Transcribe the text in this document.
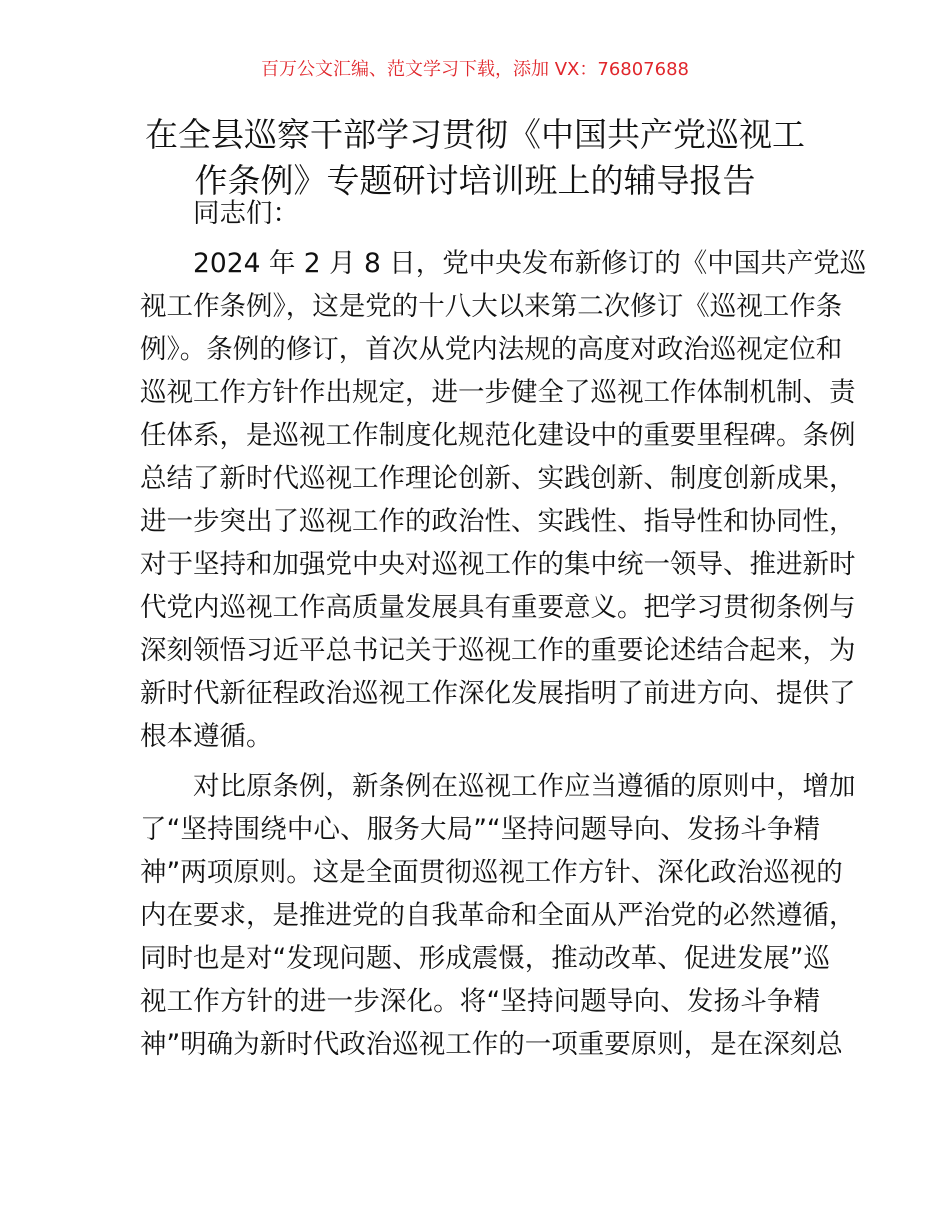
百万公文汇编、范文学习下载，添加 VX：76807688
在全县巡察干部学习贯彻《中国共产党巡视工
作条例》专题研讨培训班上的辅导报告
同志们：
2024 年 2 月 8 日，党中央发布新修订的《中国共产党巡
视工作条例》，这是党的十八大以来第二次修订《巡视工作条
例》。条例的修订，首次从党内法规的高度对政治巡视定位和
巡视工作方针作出规定，进一步健全了巡视工作体制机制、责
任体系，是巡视工作制度化规范化建设中的重要里程碑。条例
总结了新时代巡视工作理论创新、实践创新、制度创新成果，
进一步突出了巡视工作的政治性、实践性、指导性和协同性，
对于坚持和加强党中央对巡视工作的集中统一领导、推进新时
代党内巡视工作高质量发展具有重要意义。把学习贯彻条例与
深刻领悟习近平总书记关于巡视工作的重要论述结合起来，为
新时代新征程政治巡视工作深化发展指明了前进方向、提供了
根本遵循。
对比原条例，新条例在巡视工作应当遵循的原则中，增加
了“坚持围绕中心、服务大局”“坚持问题导向、发扬斗争精
神”两项原则。这是全面贯彻巡视工作方针、深化政治巡视的
内在要求，是推进党的自我革命和全面从严治党的必然遵循，
同时也是对“发现问题、形成震慑，推动改革、促进发展”巡
视工作方针的进一步深化。将“坚持问题导向、发扬斗争精
神”明确为新时代政治巡视工作的一项重要原则，是在深刻总
